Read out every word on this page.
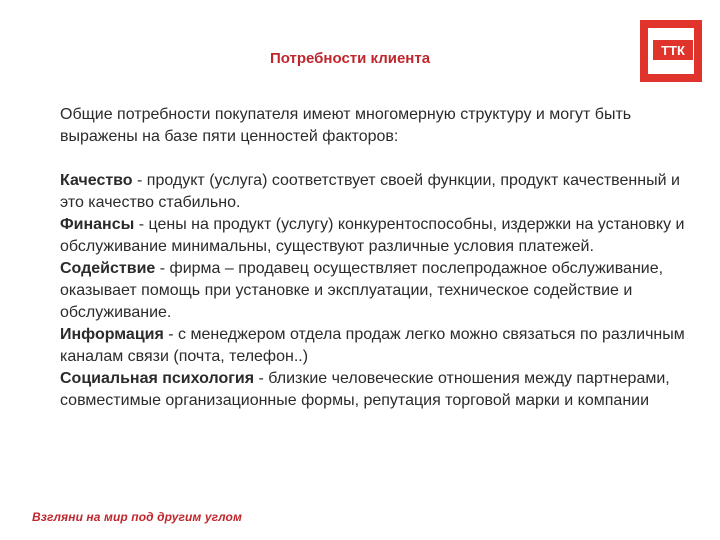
Потребности клиента	ТТК

Общие потребности покупателя имеют многомерную структуру и могут быть выражены на базе пяти ценностей факторов:

Качество - продукт (услуга) соответствует своей функции, продукт качественный и это качество стабильно.

Финансы - цены на продукт (услугу) конкурентоспособны, издержки на установку и обслуживание минимальны, существуют различные условия платежей.

Содействие - фирма – продавец осуществляет послепродажное обслуживание, оказывает помощь при установке и эксплуатации, техническое содействие и обслуживание.

Информация - с менеджером отдела продаж легко можно связаться по различным каналам связи (почта, телефон..)

Социальная психология - близкие человеческие отношения между партнерами, совместимые организационные формы, репутация торговой марки и компании

Взгляни на мир под другим углом
